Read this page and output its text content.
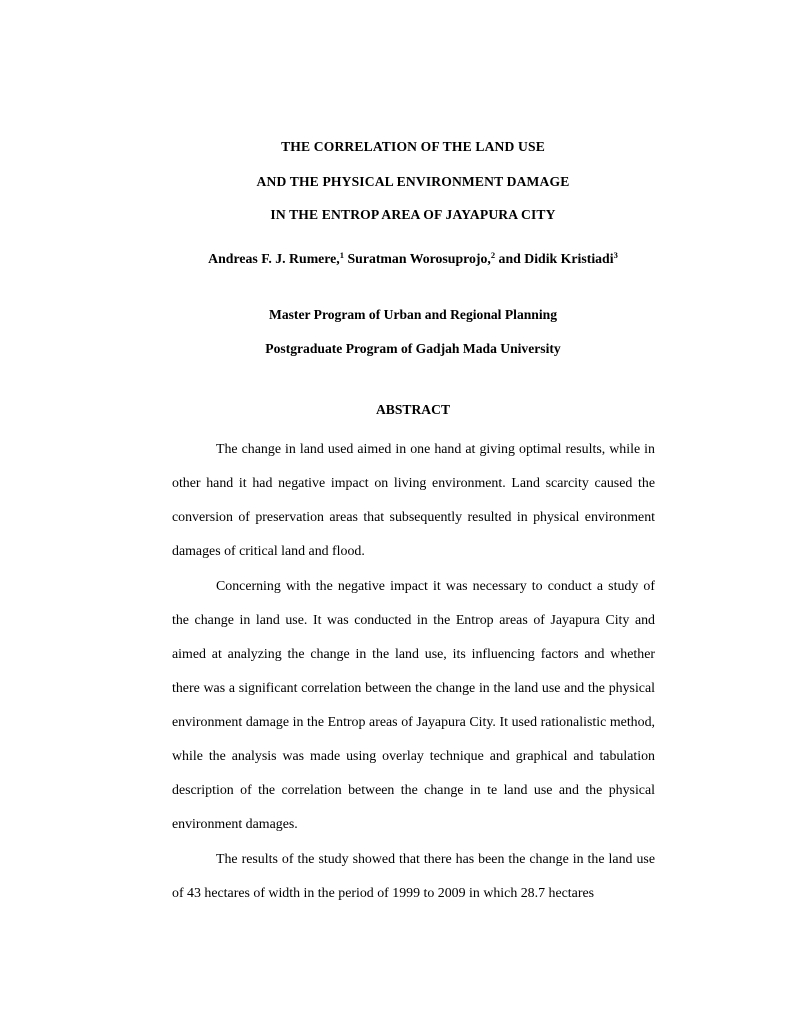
THE CORRELATION OF THE LAND USE
AND THE PHYSICAL ENVIRONMENT DAMAGE
IN THE ENTROP AREA OF JAYAPURA CITY
Andreas F. J. Rumere,$^1$ Suratman Worosuprojo,$^2$ and Didik Kristiadi$^3$
Master Program of Urban and Regional Planning
Postgraduate Program of Gadjah Mada University
ABSTRACT

The change in land used aimed in one hand at giving optimal results, while in other hand it had negative impact on living environment. Land scarcity caused the conversion of preservation areas that subsequently resulted in physical environment damages of critical land and flood.

Concerning with the negative impact it was necessary to conduct a study of the change in land use. It was conducted in the Entrop areas of Jayapura City and aimed at analyzing the change in the land use, its influencing factors and whether there was a significant correlation between the change in the land use and the physical environment damage in the Entrop areas of Jayapura City. It used rationalistic method, while the analysis was made using overlay technique and graphical and tabulation description of the correlation between the change in te land use and the physical environment damages.

The results of the study showed that there has been the change in the land use of 43 hectares of width in the period of 1999 to 2009 in which 28.7 hectares
